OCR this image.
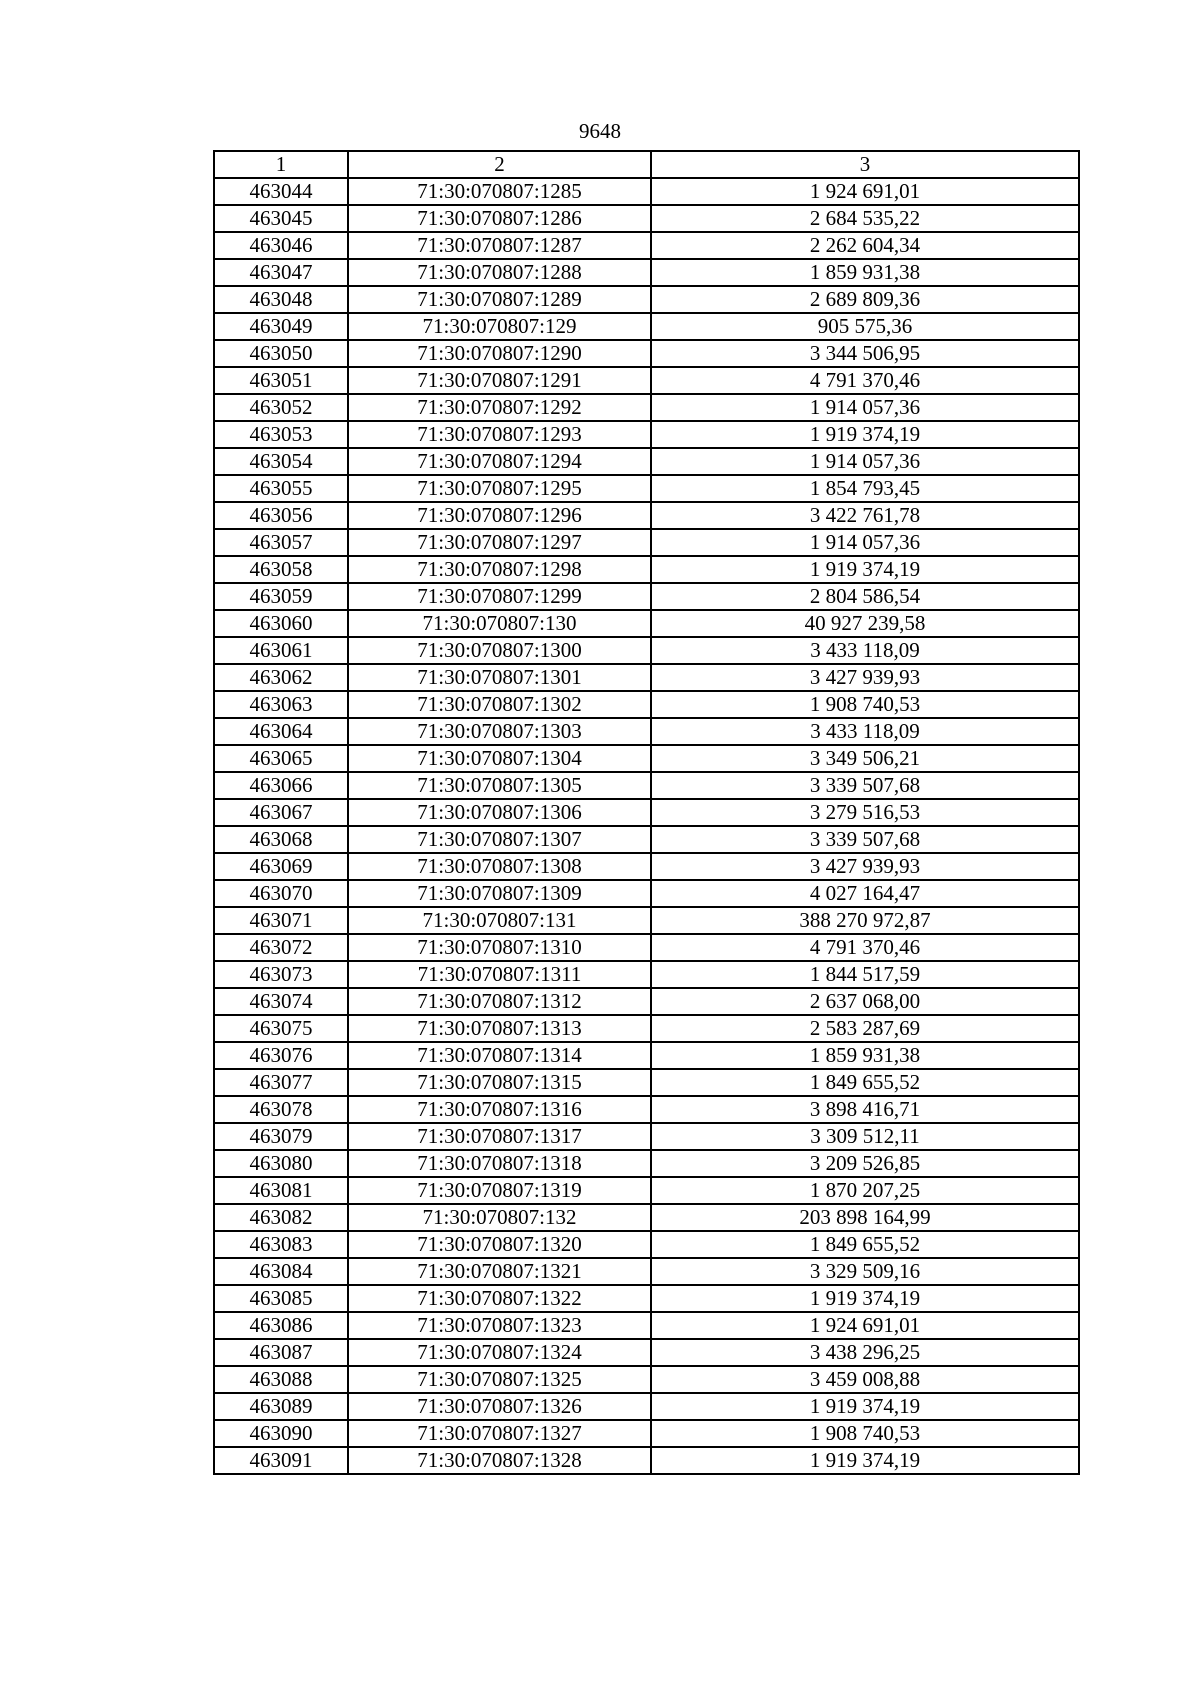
9648
1	2	3
463044	71:30:070807:1285	1 924 691,01
463045	71:30:070807:1286	2 684 535,22
463046	71:30:070807:1287	2 262 604,34
463047	71:30:070807:1288	1 859 931,38
463048	71:30:070807:1289	2 689 809,36
463049	71:30:070807:129	905 575,36
463050	71:30:070807:1290	3 344 506,95
463051	71:30:070807:1291	4 791 370,46
463052	71:30:070807:1292	1 914 057,36
463053	71:30:070807:1293	1 919 374,19
463054	71:30:070807:1294	1 914 057,36
463055	71:30:070807:1295	1 854 793,45
463056	71:30:070807:1296	3 422 761,78
463057	71:30:070807:1297	1 914 057,36
463058	71:30:070807:1298	1 919 374,19
463059	71:30:070807:1299	2 804 586,54
463060	71:30:070807:130	40 927 239,58
463061	71:30:070807:1300	3 433 118,09
463062	71:30:070807:1301	3 427 939,93
463063	71:30:070807:1302	1 908 740,53
463064	71:30:070807:1303	3 433 118,09
463065	71:30:070807:1304	3 349 506,21
463066	71:30:070807:1305	3 339 507,68
463067	71:30:070807:1306	3 279 516,53
463068	71:30:070807:1307	3 339 507,68
463069	71:30:070807:1308	3 427 939,93
463070	71:30:070807:1309	4 027 164,47
463071	71:30:070807:131	388 270 972,87
463072	71:30:070807:1310	4 791 370,46
463073	71:30:070807:1311	1 844 517,59
463074	71:30:070807:1312	2 637 068,00
463075	71:30:070807:1313	2 583 287,69
463076	71:30:070807:1314	1 859 931,38
463077	71:30:070807:1315	1 849 655,52
463078	71:30:070807:1316	3 898 416,71
463079	71:30:070807:1317	3 309 512,11
463080	71:30:070807:1318	3 209 526,85
463081	71:30:070807:1319	1 870 207,25
463082	71:30:070807:132	203 898 164,99
463083	71:30:070807:1320	1 849 655,52
463084	71:30:070807:1321	3 329 509,16
463085	71:30:070807:1322	1 919 374,19
463086	71:30:070807:1323	1 924 691,01
463087	71:30:070807:1324	3 438 296,25
463088	71:30:070807:1325	3 459 008,88
463089	71:30:070807:1326	1 919 374,19
463090	71:30:070807:1327	1 908 740,53
463091	71:30:070807:1328	1 919 374,19
